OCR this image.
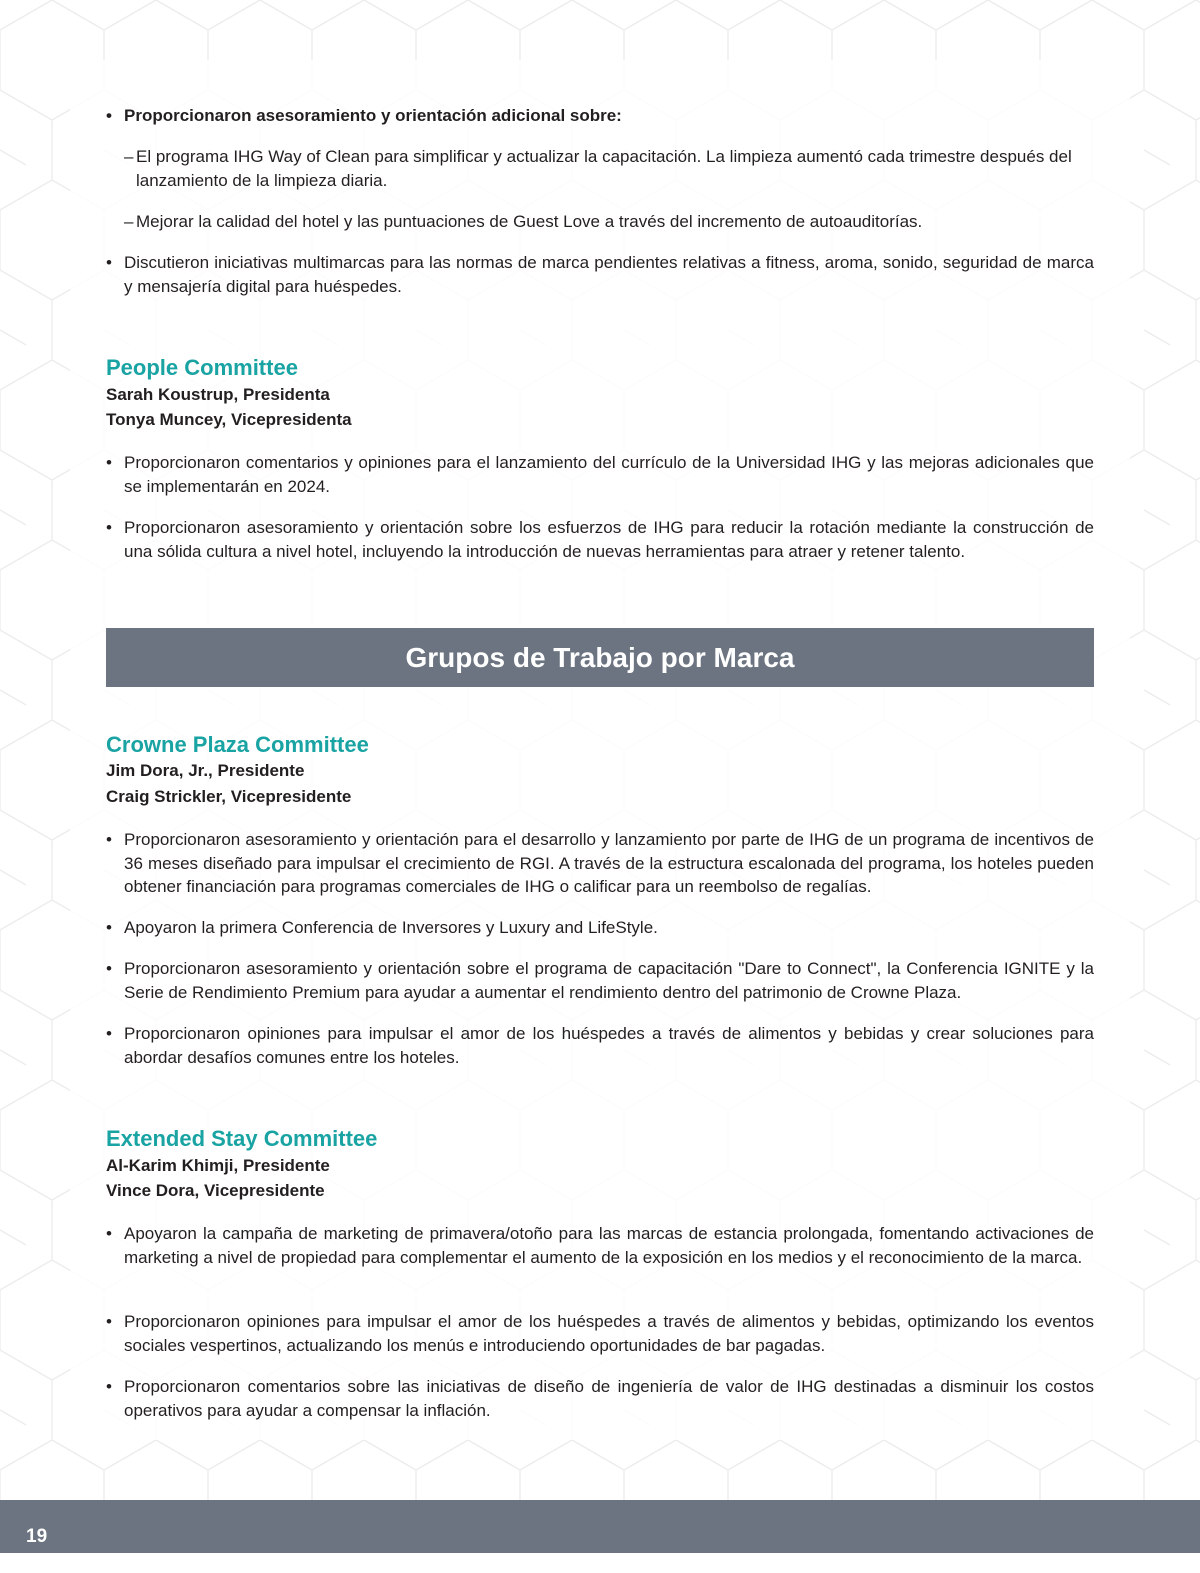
• Proporcionaron asesoramiento y orientación adicional sobre:
– El programa IHG Way of Clean para simplificar y actualizar la capacitación. La limpieza aumentó cada trimestre después del lanzamiento de la limpieza diaria.
– Mejorar la calidad del hotel y las puntuaciones de Guest Love a través del incremento de autoauditorías.
• Discutieron iniciativas multimarcas para las normas de marca pendientes relativas a fitness, aroma, sonido, seguridad de marca y mensajería digital para huéspedes.
People Committee
Sarah Koustrup, Presidenta
Tonya Muncey, Vicepresidenta
• Proporcionaron comentarios y opiniones para el lanzamiento del currículo de la Universidad IHG y las mejoras adicionales que se implementarán en 2024.
• Proporcionaron asesoramiento y orientación sobre los esfuerzos de IHG para reducir la rotación mediante la construcción de una sólida cultura a nivel hotel, incluyendo la introducción de nuevas herramientas para atraer y retener talento.
Grupos de Trabajo por Marca
Crowne Plaza Committee
Jim Dora, Jr., Presidente
Craig Strickler, Vicepresidente
• Proporcionaron asesoramiento y orientación para el desarrollo y lanzamiento por parte de IHG de un programa de incentivos de 36 meses diseñado para impulsar el crecimiento de RGI. A través de la estructura escalonada del programa, los hoteles pueden obtener financiación para programas comerciales de IHG o calificar para un reembolso de regalías.
• Apoyaron la primera Conferencia de Inversores y Luxury and LifeStyle.
• Proporcionaron asesoramiento y orientación sobre el programa de capacitación "Dare to Connect", la Conferencia IGNITE y la Serie de Rendimiento Premium para ayudar a aumentar el rendimiento dentro del patrimonio de Crowne Plaza.
• Proporcionaron opiniones para impulsar el amor de los huéspedes a través de alimentos y bebidas y crear soluciones para abordar desafíos comunes entre los hoteles.
Extended Stay Committee
Al-Karim Khimji, Presidente
Vince Dora, Vicepresidente
• Apoyaron la campaña de marketing de primavera/otoño para las marcas de estancia prolongada, fomentando activaciones de marketing a nivel de propiedad para complementar el aumento de la exposición en los medios y el reconocimiento de la marca.
• Proporcionaron opiniones para impulsar el amor de los huéspedes a través de alimentos y bebidas, optimizando los eventos sociales vespertinos, actualizando los menús e introduciendo oportunidades de bar pagadas.
• Proporcionaron comentarios sobre las iniciativas de diseño de ingeniería de valor de IHG destinadas a disminuir los costos operativos para ayudar a compensar la inflación.
19
